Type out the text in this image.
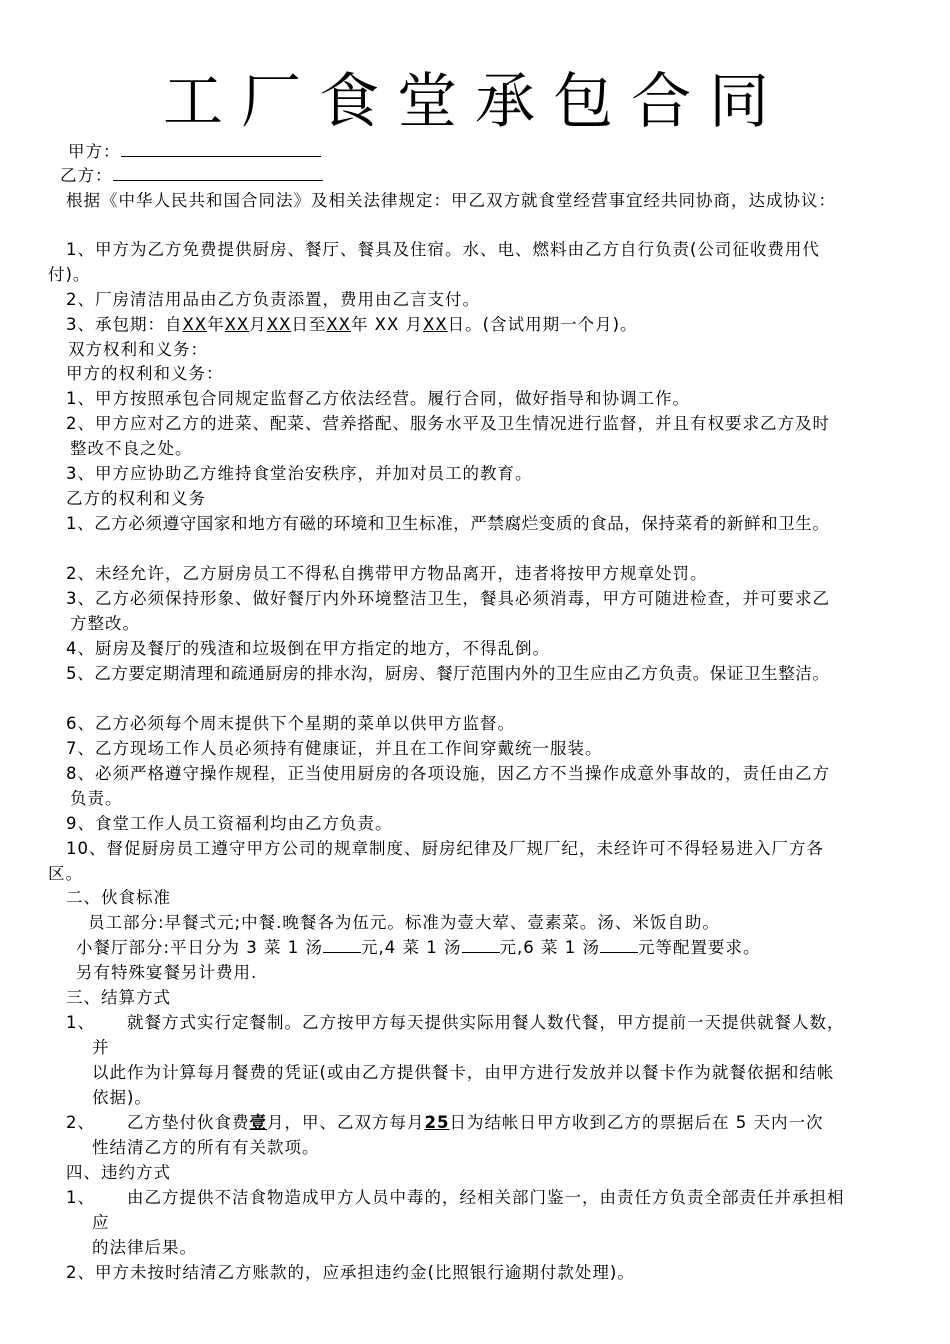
工厂食堂承包合同
甲方：
乙方：
根据《中华人民共和国合同法》及相关法律规定：甲乙双方就食堂经营事宜经共同协商，达成协议：
1、甲方为乙方免费提供厨房、餐厅、餐具及住宿。水、电、燃料由乙方自行负责(公司征收费用代
付)。
2、厂房清洁用品由乙方负责添置，费用由乙言支付。
3、承包期：自XX年XX月XX日至XX年 XX 月XX日。(含试用期一个月)。
双方权利和义务：
甲方的权利和义务：
1、甲方按照承包合同规定监督乙方依法经营。履行合同，做好指导和协调工作。
2、甲方应对乙方的进菜、配菜、营养搭配、服务水平及卫生情况进行监督，并且有权要求乙方及时
整改不良之处。
3、甲方应协助乙方维持食堂治安秩序，并加对员工的教育。
乙方的权利和义务
1、乙方必须遵守国家和地方有磁的环境和卫生标准，严禁腐烂变质的食品，保持菜肴的新鲜和卫生。
2、未经允许，乙方厨房员工不得私自携带甲方物品离开，违者将按甲方规章处罚。
3、乙方必须保持形象、做好餐厅内外环境整洁卫生，餐具必须消毒，甲方可随进检查，并可要求乙
方整改。
4、厨房及餐厅的残渣和垃圾倒在甲方指定的地方，不得乱倒。
5、乙方要定期清理和疏通厨房的排水沟，厨房、餐厅范围内外的卫生应由乙方负责。保证卫生整洁。
6、乙方必须每个周末提供下个星期的菜单以供甲方监督。
7、乙方现场工作人员必须持有健康证，并且在工作间穿戴统一服装。
8、必须严格遵守操作规程，正当使用厨房的各项设施，因乙方不当操作成意外事故的，责任由乙方
负责。
9、食堂工作人员工资福利均由乙方负责。
10、督促厨房员工遵守甲方公司的规章制度、厨房纪律及厂规厂纪，未经许可不得轻易进入厂方各
区。
二、伙食标准
员工部分:早餐弍元;中餐.晚餐各为伍元。标准为壹大荤、壹素菜。汤、米饭自助。
小餐厅部分:平日分为 3 菜 1 汤 元,4 菜 1 汤 元,6 菜 1 汤 元等配置要求。
另有特殊宴餐另计费用.
三、结算方式
1、 就餐方式实行定餐制。乙方按甲方每天提供实际用餐人数代餐，甲方提前一天提供就餐人数，
并
以此作为计算每月餐费的凭证(或由乙方提供餐卡，由甲方进行发放并以餐卡作为就餐依据和结帐
依据)。
2、 乙方垫付伙食费壹月，甲、乙双方每月25日为结帐日甲方收到乙方的票据后在 5 天内一次
性结清乙方的所有有关款项。
四、违约方式
1、 由乙方提供不洁食物造成甲方人员中毒的，经相关部门鉴一，由责任方负责全部责任并承担相
应
的法律后果。
2、甲方未按时结清乙方账款的，应承担违约金(比照银行逾期付款处理)。
